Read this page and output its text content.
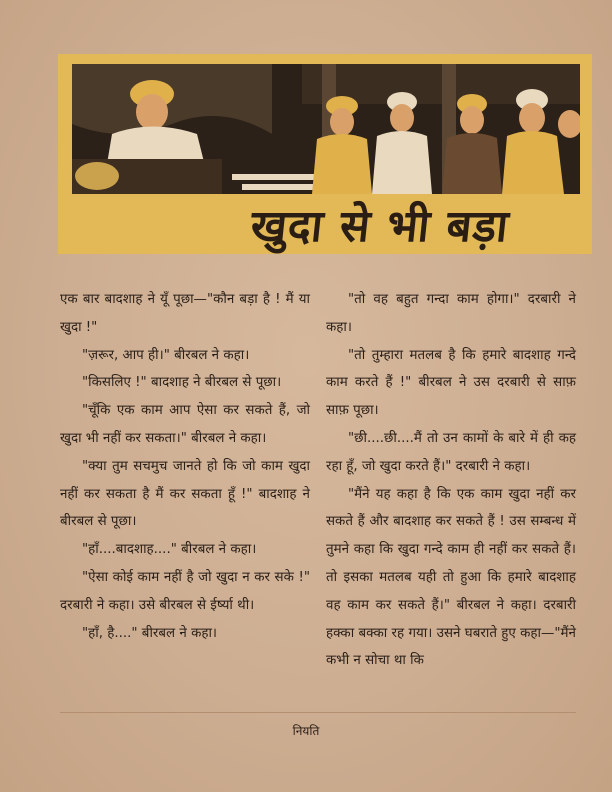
खुदा से भी बड़ा

एक बार बादशाह ने यूँ पूछा—"कौन बड़ा है ! मैं या खुदा !"

"ज़रूर, आप ही।" बीरबल ने कहा।

"किसलिए !" बादशाह ने बीरबल से पूछा।

"चूँकि एक काम आप ऐसा कर सकते हैं, जो खुदा भी नहीं कर सकता।" बीरबल ने कहा।

"क्या तुम सचमुच जानते हो कि जो काम खुदा नहीं कर सकता है मैं कर सकता हूँ !" बादशाह ने बीरबल से पूछा।

"हाँ....बादशाह...." बीरबल ने कहा।

"ऐसा कोई काम नहीं है जो खुदा न कर सके !" दरबारी ने कहा। उसे बीरबल से ईर्ष्या थी।

"हाँ, है...." बीरबल ने कहा।

"तो वह बहुत गन्दा काम होगा।" दरबारी ने कहा।

"तो तुम्हारा मतलब है कि हमारे बादशाह गन्दे काम करते हैं !" बीरबल ने उस दरबारी से साफ़ साफ़ पूछा।

"छी....छी....मैं तो उन कामों के बारे में ही कह रहा हूँ, जो खुदा करते हैं।" दरबारी ने कहा।

"मैंने यह कहा है कि एक काम खुदा नहीं कर सकते हैं और बादशाह कर सकते हैं ! उस सम्बन्ध में तुमने कहा कि खुदा गन्दे काम ही नहीं कर सकते हैं। तो इसका मतलब यही तो हुआ कि हमारे बादशाह वह काम कर सकते हैं।" बीरबल ने कहा। दरबारी हक्का बक्का रह गया। उसने घबराते हुए कहा—"मैंने कभी न सोचा था कि

नियति
